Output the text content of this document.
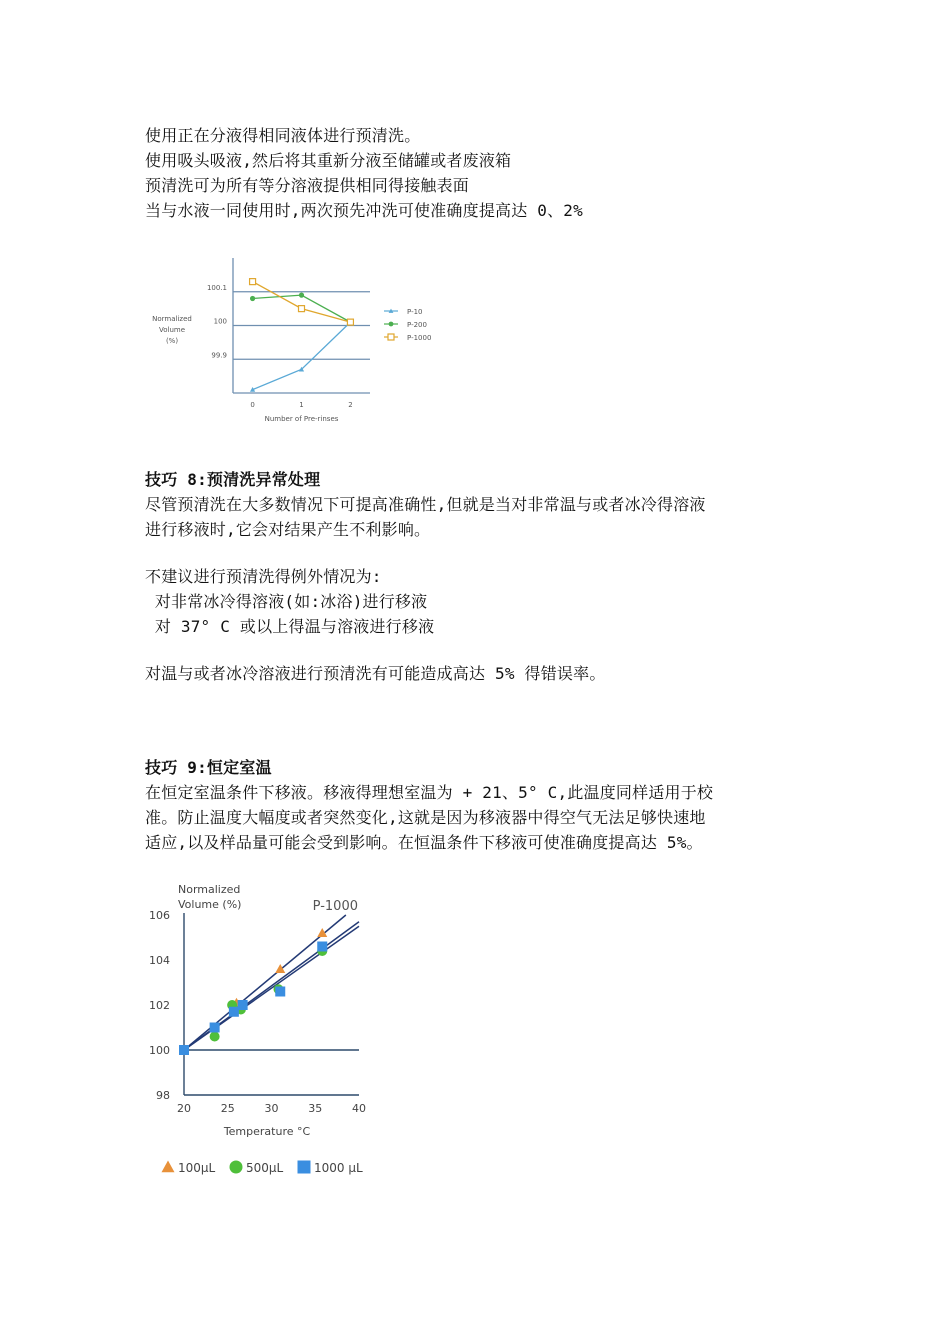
使用正在分液得相同液体进行预清洗。
使用吸头吸液,然后将其重新分液至储罐或者废液箱
预清洗可为所有等分溶液提供相同得接触表面
当与水液一同使用时,两次预先冲洗可使准确度提高达 0、2%
99.9
100
100.1
0	1	2
Number of Pre-rinses
Normalized
Volume
(%)
P-10
P-200
P-1000
技巧 8:预清洗异常处理
尽管预清洗在大多数情况下可提高准确性,但就是当对非常温与或者冰冷得溶液
进行移液时,它会对结果产生不利影响。
不建议进行预清洗得例外情况为:
对非常冰冷得溶液(如:冰浴)进行移液
对 37° C 或以上得温与溶液进行移液
对温与或者冰冷溶液进行预清洗有可能造成高达 5% 得错误率。
技巧 9:恒定室温
在恒定室温条件下移液。移液得理想室温为 + 21、5° C,此温度同样适用于校
准。防止温度大幅度或者突然变化,这就是因为移液器中得空气无法足够快速地
适应,以及样品量可能会受到影响。在恒温条件下移液可使准确度提高达 5%。
Normalized
Volume (%)	P-1000
98
100
102
104
106
20	25	30	35	40
Temperature °C
100µL	500µL	1000 µL
